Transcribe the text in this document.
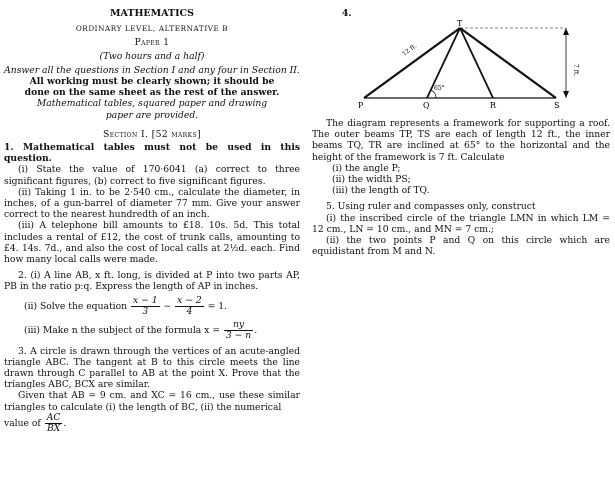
MATHEMATICS
ORDINARY LEVEL, ALTERNATIVE B
Paper 1
(Two hours and a half)
Answer all the questions in Section I and any four in Section II.
All working must be clearly shown; it should be done on the same sheet as the rest of the answer.
Mathematical tables, squared paper and drawing paper are provided.
Section I. [52 marks]

1. Mathematical tables must not be used in this question.

(i) State the value of 170·6041 (a) correct to three significant figures, (b) correct to five significant figures.

(ii) Taking 1 in. to be 2·540 cm., calculate the diameter, in inches, of a gun-barrel of diameter 77 mm. Give your answer correct to the nearest hundredth of an inch.

(iii) A telephone bill amounts to £18. 10s. 5d. This total includes a rental of £12, the cost of trunk calls, amounting to £4. 14s. 7d., and also the cost of local calls at 2½d. each. Find how many local calls were made.

2. (i) A line AB, x ft. long, is divided at P into two parts AP, PB in the ratio p:q. Express the length of AP in inches.

(ii) Solve the equation $\frac{x - 1}{3} - \frac{x - 2}{4} = 1$.
(iii) Make n the subject of the formula $x = \frac{ny}{3 - n}$ .

3. A circle is drawn through the vertices of an acute-angled triangle ABC. The tangent at B to this circle meets the line drawn through C parallel to AB at the point X. Prove that the triangles ABC, BCX are similar.

Given that AB = 9 cm. and XC = 16 cm., use these similar triangles to calculate (i) the length of BC, (ii) the numerical

value of $\frac{AC}{BX}$ .
4.
T
P	Q	R	S
12 ft.
65°
7 ft.

The diagram represents a framework for supporting a roof. The outer beams TP, TS are each of length 12 ft., the inner beams TQ, TR are inclined at 65° to the horizontal and the height of the framework is 7 ft. Calculate

(i) the angle P;
(ii) the width PS;
(iii) the length of TQ.

5. Using ruler and compasses only, construct

(i) the inscribed circle of the triangle LMN in which LM = 12 cm., LN = 10 cm., and MN = 7 cm.;

(ii) the two points P and Q on this circle which are equidistant from M and N.
